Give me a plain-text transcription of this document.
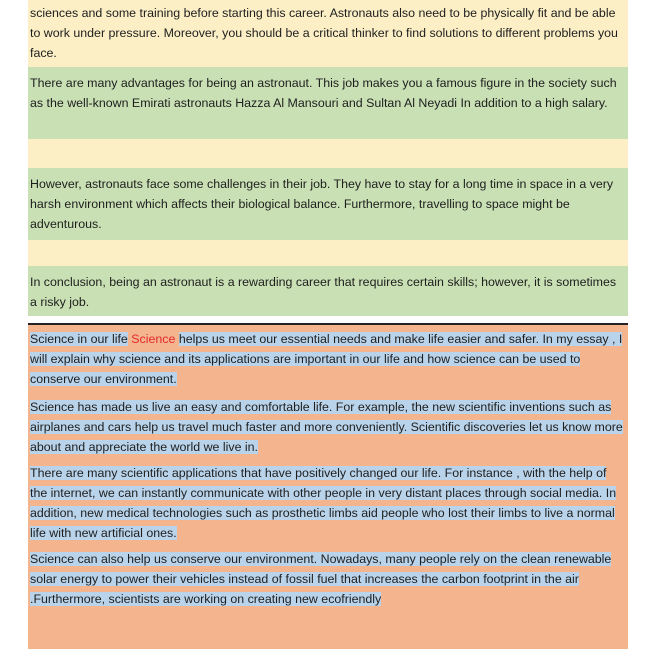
sciences and some training before starting this career. Astronauts also need to be physically fit and be able to work under pressure. Moreover, you should be a critical thinker to find solutions to different problems you face.
There are many advantages for being an astronaut. This job makes you a famous figure in the society such as the well-known Emirati astronauts Hazza Al Mansouri and Sultan Al Neyadi In addition to a high salary.
However, astronauts face some challenges in their job. They have to stay for a long time in space in a very harsh environment which affects their biological balance. Furthermore, travelling to space might be adventurous.
In conclusion, being an astronaut is a rewarding career that requires certain skills; however, it is sometimes a risky job.
Science in our life Science helps us meet our essential needs and make life easier and safer. In my essay , I will explain why science and its applications are important in our life and how science can be used to conserve our environment.
Science has made us live an easy and comfortable life. For example, the new scientific inventions such as airplanes and cars help us travel much faster and more conveniently. Scientific discoveries let us know more about and appreciate the world we live in.
There are many scientific applications that have positively changed our life. For instance , with the help of the internet, we can instantly communicate with other people in very distant places through social media. In addition, new medical technologies such as prosthetic limbs aid people who lost their limbs to live a normal life with new artificial ones.
Science can also help us conserve our environment. Nowadays, many people rely on the clean renewable solar energy to power their vehicles instead of fossil fuel that increases the carbon footprint in the air .Furthermore, scientists are working on creating new ecofriendly
